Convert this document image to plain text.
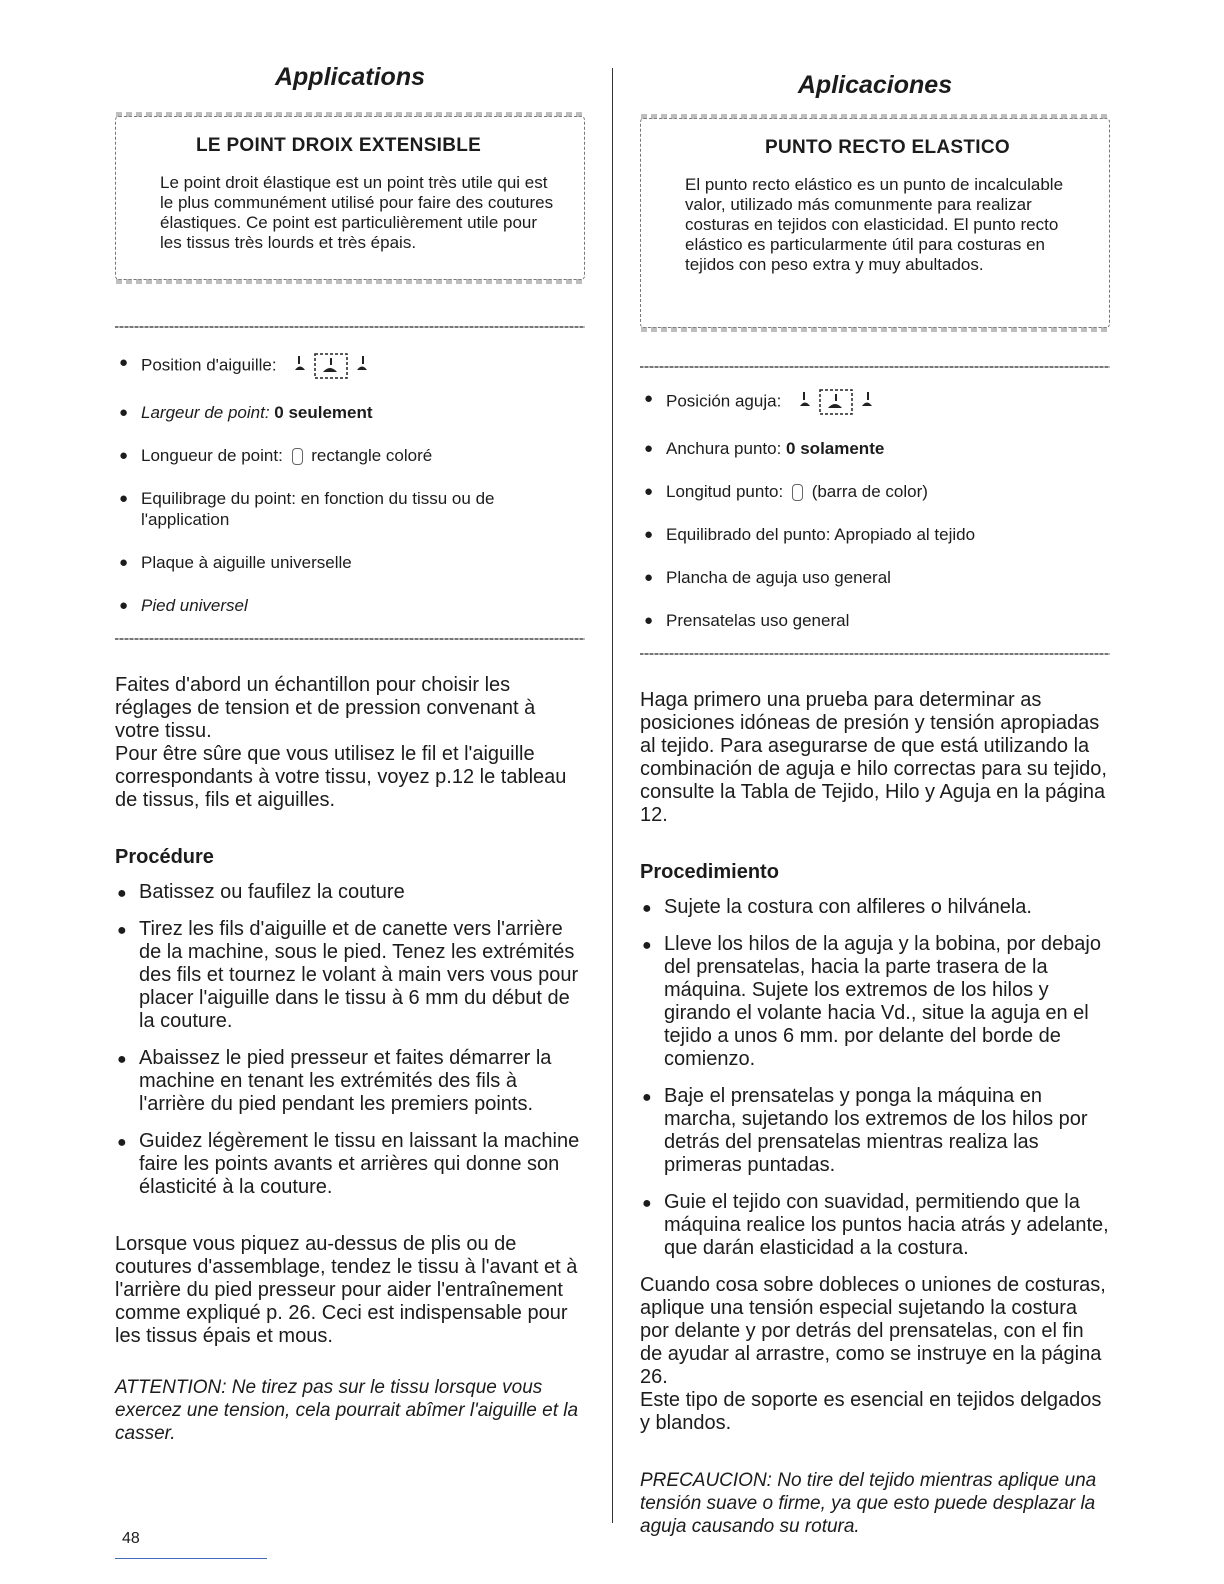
Applications
LE POINT DROIX EXTENSIBLE

Le point droit élastique est un point très utile qui est le plus communément utilisé pour faire des coutures élastiques. Ce point est particulièrement utile pour les tissus très lourds et très épais.

● Position d'aiguille:
● Largeur de point: 0 seulement
● Longueur de point: rectangle coloré
● Equilibrage du point: en fonction du tissu ou de l'application
● Plaque à aiguille universelle
● Pied universel

Faites d'abord un échantillon pour choisir les réglages de tension et de pression convenant à votre tissu.

Pour être sûre que vous utilisez le fil et l'aiguille correspondants à votre tissu, voyez p.12 le tableau de tissus, fils et aiguilles.

Procédure
● Batissez ou faufilez la couture
● Tirez les fils d'aiguille et de canette vers l'arrière de la machine, sous le pied. Tenez les extrémités des fils et tournez le volant à main vers vous pour placer l'aiguille dans le tissu à 6 mm du début de la couture.
● Abaissez le pied presseur et faites démarrer la machine en tenant les extrémités des fils à l'arrière du pied pendant les premiers points.
● Guidez légèrement le tissu en laissant la machine faire les points avants et arrières qui donne son élasticité à la couture.

Lorsque vous piquez au-dessus de plis ou de coutures d'assemblage, tendez le tissu à l'avant et à l'arrière du pied presseur pour aider l'entraînement comme expliqué p. 26. Ceci est indispensable pour les tissus épais et mous.

ATTENTION: Ne tirez pas sur le tissu lorsque vous exercez une tension, cela pourrait abîmer l'aiguille et la casser.

Aplicaciones
PUNTO RECTO ELASTICO

El punto recto elástico es un punto de incalculable valor, utilizado más comunmente para realizar costuras en tejidos con elasticidad. El punto recto elástico es particularmente útil para costuras en tejidos con peso extra y muy abultados.

● Posición aguja:
● Anchura punto: 0 solamente
● Longitud punto: (barra de color)
● Equilibrado del punto: Apropiado al tejido
● Plancha de aguja uso general
● Prensatelas uso general

Haga primero una prueba para determinar as posiciones idóneas de presión y tensión apropiadas al tejido. Para asegurarse de que está utilizando la combinación de aguja e hilo correctas para su tejido, consulte la Tabla de Tejido, Hilo y Aguja en la página 12.

Procedimiento
● Sujete la costura con alfileres o hilvánela.
● Lleve los hilos de la aguja y la bobina, por debajo del prensatelas, hacia la parte trasera de la máquina. Sujete los extremos de los hilos y girando el volante hacia Vd., situe la aguja en el tejido a unos 6 mm. por delante del borde de comienzo.
● Baje el prensatelas y ponga la máquina en marcha, sujetando los extremos de los hilos por detrás del prensatelas mientras realiza las primeras puntadas.
● Guie el tejido con suavidad, permitiendo que la máquina realice los puntos hacia atrás y adelante, que darán elasticidad a la costura.

Cuando cosa sobre dobleces o uniones de costuras, aplique una tensión especial sujetando la costura por delante y por detrás del prensatelas, con el fin de ayudar al arrastre, como se instruye en la página 26.

Este tipo de soporte es esencial en tejidos delgados y blandos.

PRECAUCION: No tire del tejido mientras aplique una tensión suave o firme, ya que esto puede desplazar la aguja causando su rotura.

48
